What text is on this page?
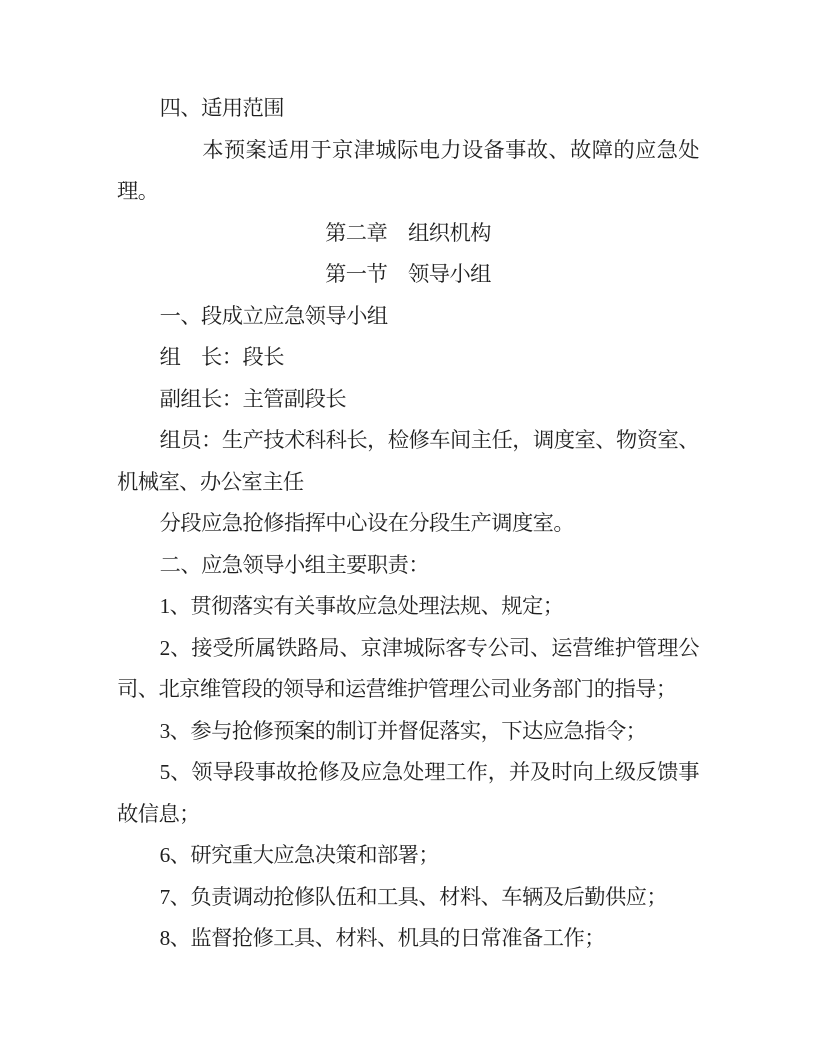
四、适用范围

本预案适用于京津城际电力设备事故、故障的应急处理。

第二章　组织机构

第一节　领导小组

一、段成立应急领导小组

组　长：段长

副组长：主管副段长

组员：生产技术科科长，检修车间主任，调度室、物资室、机械室、办公室主任

分段应急抢修指挥中心设在分段生产调度室。

二、应急领导小组主要职责：

1、贯彻落实有关事故应急处理法规、规定；

2、接受所属铁路局、京津城际客专公司、运营维护管理公司、北京维管段的领导和运营维护管理公司业务部门的指导；

3、参与抢修预案的制订并督促落实，下达应急指令；

5、领导段事故抢修及应急处理工作，并及时向上级反馈事故信息；

6、研究重大应急决策和部署；

7、负责调动抢修队伍和工具、材料、车辆及后勤供应；

8、监督抢修工具、材料、机具的日常准备工作；
